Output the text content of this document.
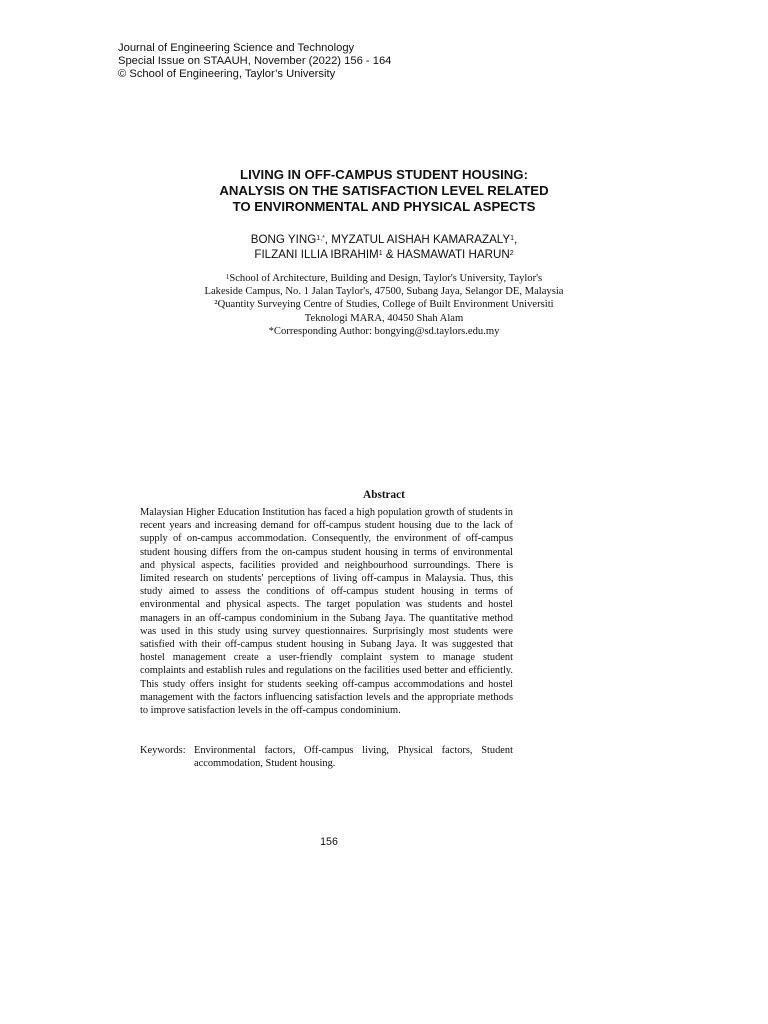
Journal of Engineering Science and Technology
Special Issue on STAAUH, November (2022) 156 - 164
© School of Engineering, Taylor’s University
LIVING IN OFF-CAMPUS STUDENT HOUSING:
ANALYSIS ON THE SATISFACTION LEVEL RELATED
TO ENVIRONMENTAL AND PHYSICAL ASPECTS
BONG $YING^{1,*}$, MYZATUL AISHAH KAMARAZALY$^1$,
FILZANI ILLIA IBRAHIM$^1$ & HASMAWATI HARUN$^2$
$^1$School of Architecture, Building and Design, Taylor's University, Taylor's
Lakeside Campus, No. 1 Jalan Taylor's, 47500, Subang Jaya, Selangor DE, Malaysia
²Quantity Surveying Centre of Studies, College of Built Environment Universiti
Teknologi MARA, 40450 Shah Alam
*Corresponding Author: bongying@sd.taylors.edu.my
Abstract
Malaysian Higher Education Institution has faced a high population growth of students in recent years and increasing demand for off-campus student housing due to the lack of supply of on-campus accommodation. Consequently, the environment of off-campus student housing differs from the on-campus student housing in terms of environmental and physical aspects, facilities provided and neighbourhood surroundings. There is limited research on students' perceptions of living off-campus in Malaysia. Thus, this study aimed to assess the conditions of off-campus student housing in terms of environmental and physical aspects. The target population was students and hostel managers in an off-campus condominium in the Subang Jaya. The quantitative method was used in this study using survey questionnaires. Surprisingly most students were satisfied with their off-campus student housing in Subang Jaya. It was suggested that hostel management create a user-friendly complaint system to manage student complaints and establish rules and regulations on the facilities used better and efficiently. This study offers insight for students seeking off-campus accommodations and hostel management with the factors influencing satisfaction levels and the appropriate methods to improve satisfaction levels in the off-campus condominium.
Keywords: Environmental factors, Off-campus living, Physical factors, Student accommodation, Student housing.
156
